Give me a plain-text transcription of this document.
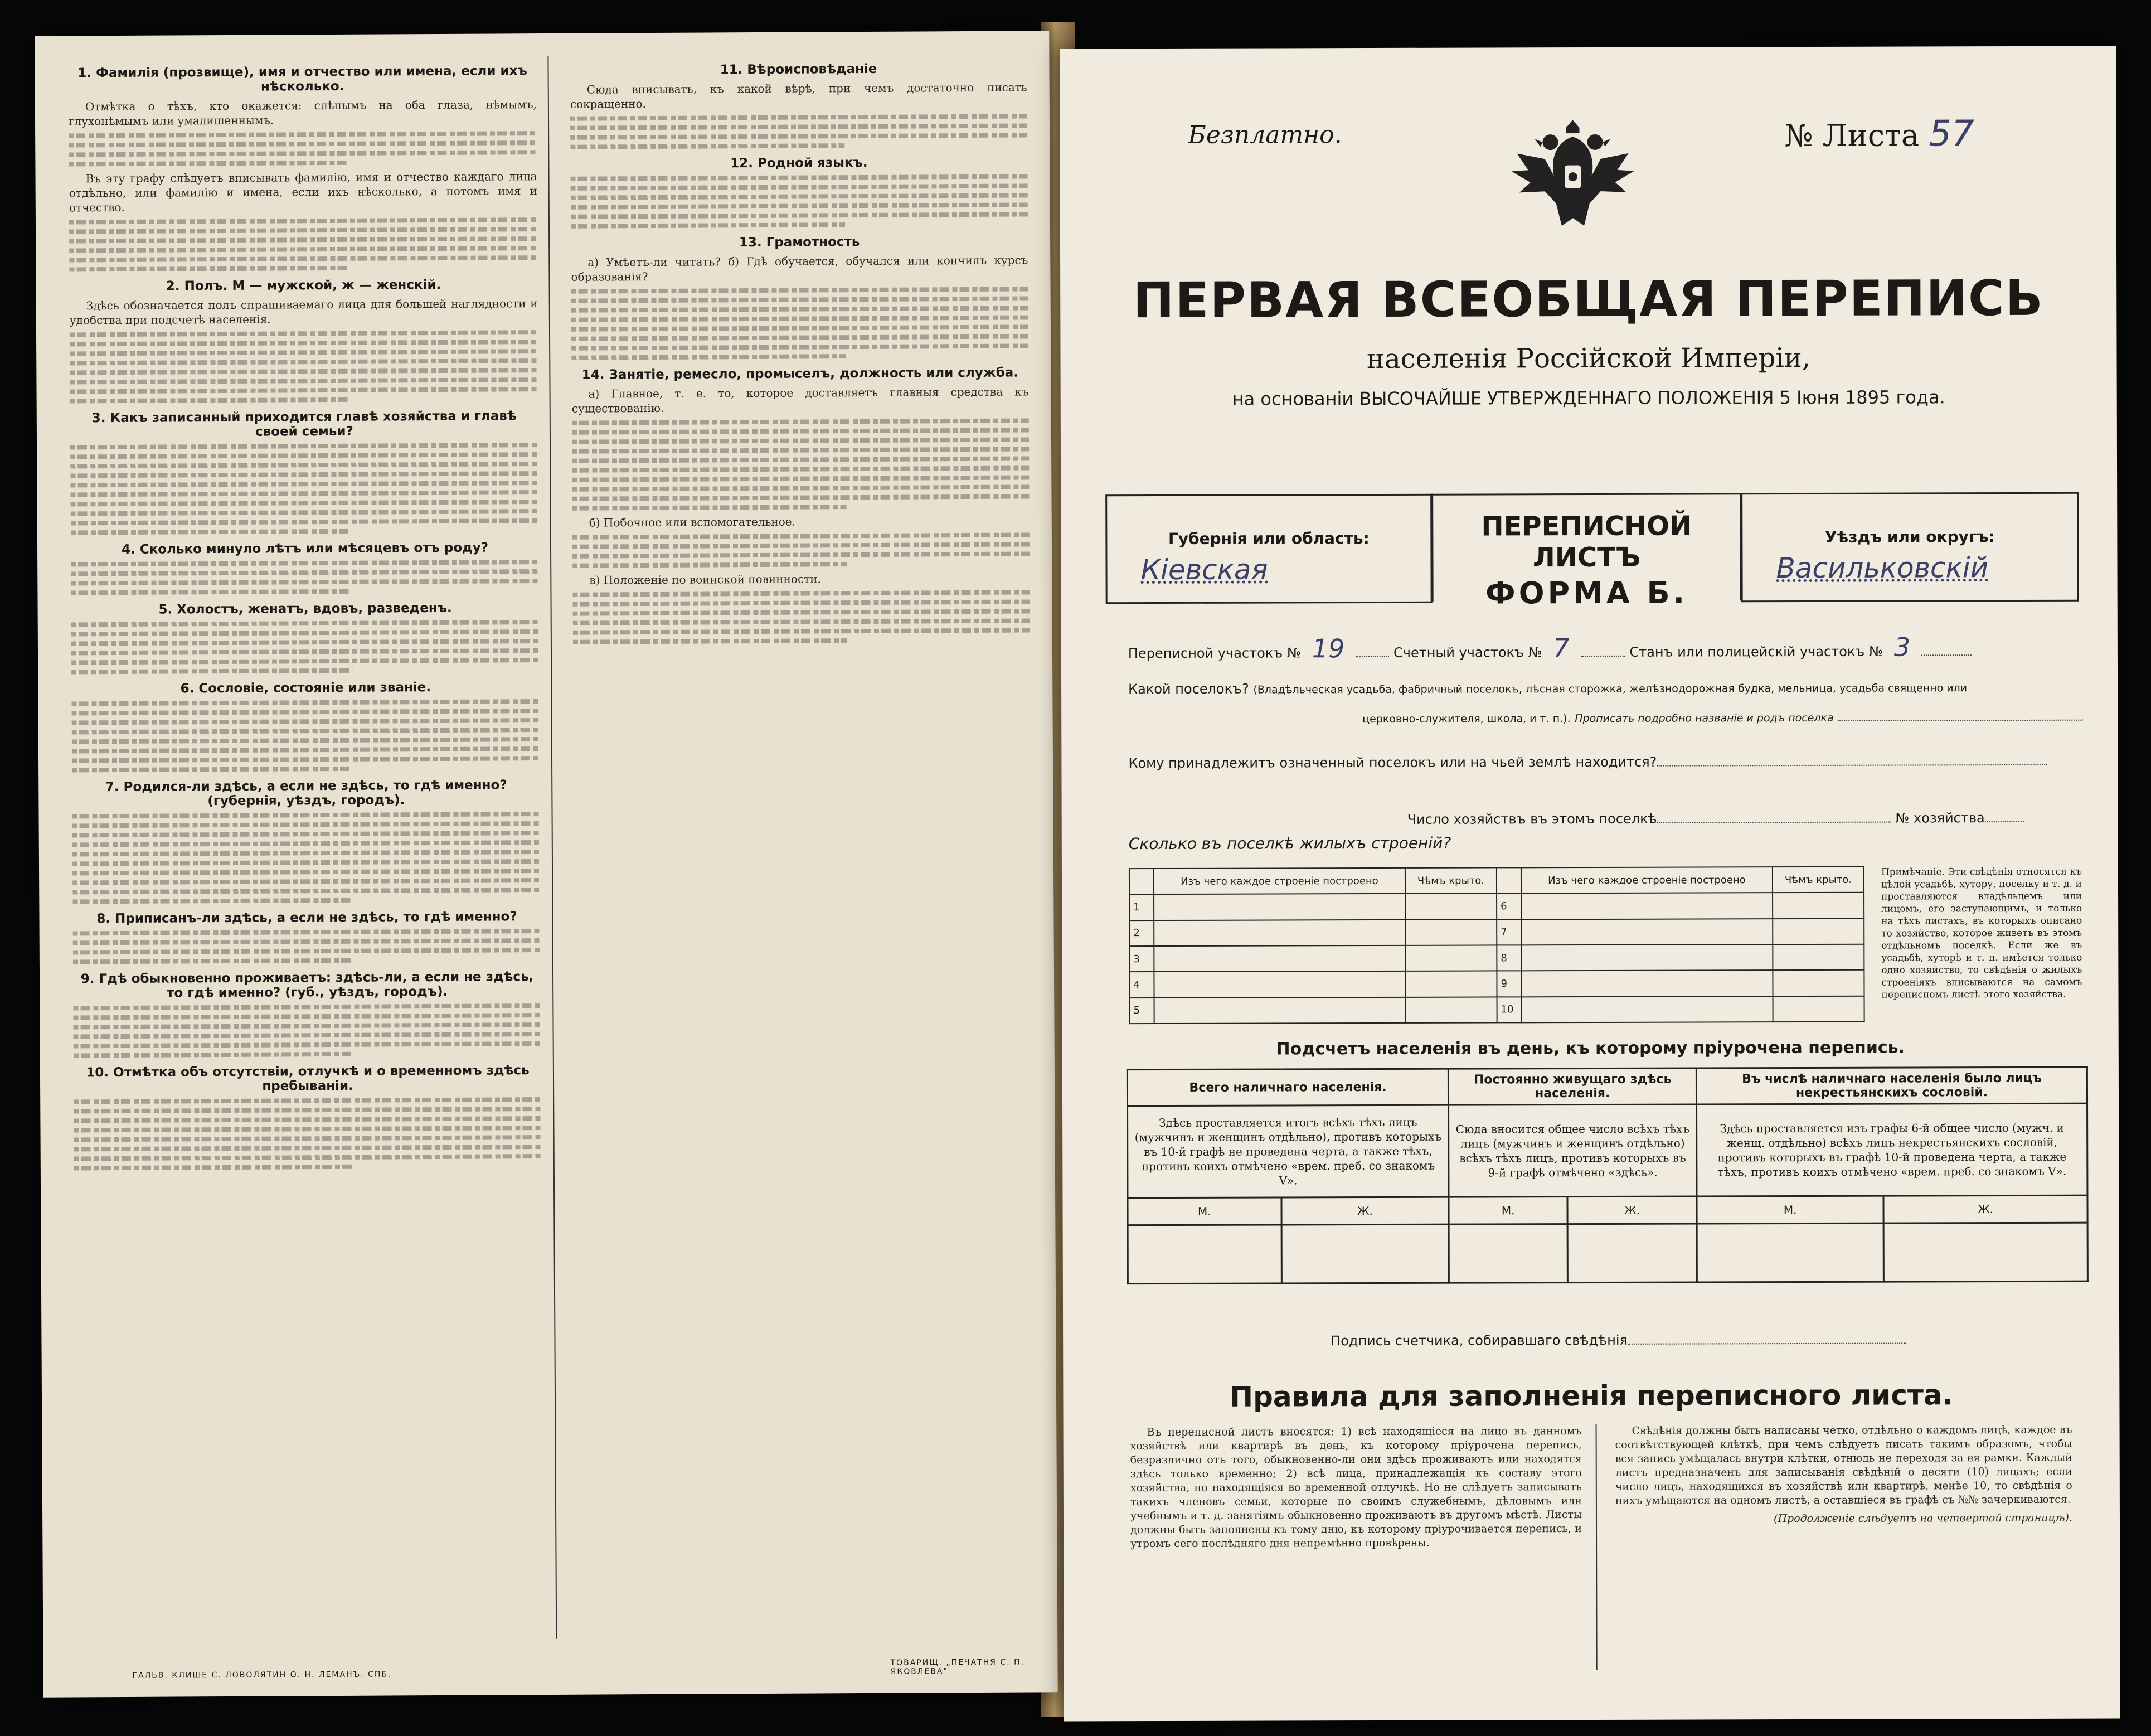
1. Фамилія (прозвище), имя и отчество или имена, если ихъ нѣсколько.
Отмѣтка о тѣхъ, кто окажется: слѣпымъ на оба глаза, нѣмымъ, глухонѣмымъ или умалишеннымъ.
Въ эту графу слѣдуетъ вписывать фамилію, имя и отчество каждаго лица отдѣльно, или фамилію и имена, если ихъ нѣсколько, а потомъ имя и отчество.
2. Полъ. М — мужской, ж — женскій.
Здѣсь обозначается полъ спрашиваемаго лица для большей наглядности и удобства при подсчетѣ населенія.
3. Какъ записанный приходится главѣ хозяйства и главѣ своей семьи?
4. Сколько минуло лѣтъ или мѣсяцевъ отъ роду?
5. Холостъ, женатъ, вдовъ, разведенъ.
6. Сословіе, состояніе или званіе.
7. Родился-ли здѣсь, а если не здѣсь, то гдѣ именно? (губернія, уѣздъ, городъ).
8. Приписанъ-ли здѣсь, а если не здѣсь, то гдѣ именно?
9. Гдѣ обыкновенно проживаетъ: здѣсь-ли, а если не здѣсь, то гдѣ именно? (губ., уѣздъ, городъ).
10. Отмѣтка объ отсутствіи, отлучкѣ и о временномъ здѣсь пребываніи.
11. Вѣроисповѣданіе
Сюда вписывать, къ какой вѣрѣ, при чемъ достаточно писать сокращенно.
12. Родной языкъ.
13. Грамотность
а) Умѣетъ-ли читать? б) Гдѣ обучается, обучался или кончилъ курсъ образованія?
14. Занятіе, ремесло, промыселъ, должность или служба.
а) Главное, т. е. то, которое доставляетъ главныя средства къ существованію.
б) Побочное или вспомогательное.
в) Положеніе по воинской повинности.
ГАЛЬВ. КЛИШЕ С. ЛОВОЛЯТИН О. Н. ЛЕМАНЪ. СПБ.
ТОВАРИЩ. „ПЕЧАТНЯ С. П. ЯКОВЛЕВА"
Безплатно.	№ Листа 57
ПЕРВАЯ ВСЕОБЩАЯ ПЕРЕПИСЬ
населенія Россійской Имперіи,
на основаніи ВЫСОЧАЙШЕ УТВЕРЖДЕННАГО ПОЛОЖЕНІЯ 5 Іюня 1895 года.
Губернія или область:
Кіевская
ПЕРЕПИСНОЙ ЛИСТЪ
ФОРМА Б.
Уѣздъ или округъ:
Васильковскій
Переписной участокъ № 19	Счетный участокъ № 7	Станъ или полицейскій участокъ № 3
Какой поселокъ? (Владѣльческая усадьба, фабричный поселокъ, лѣсная сторожка, желѣзнодорожная будка, мельница, усадьба священно или
церковно-служителя, школа, и т. п.). Прописать подробно названіе и родъ поселка
Кому принадлежитъ означенный поселокъ или на чьей землѣ находится?
Число хозяйствъ въ этомъ поселкѣ	№ хозяйства
Сколько въ поселкѣ жилыхъ строеній?
	Изъ чего каждое строеніе построено	Чѣмъ крыто.		Изъ чего каждое строеніе построено	Чѣмъ крыто.
1			6		
2			7		
3			8		
4			9		
5			10		
Примѣчаніе. Эти свѣдѣнія относятся къ цѣлой усадьбѣ, хутору, поселку и т. д. и проставляются владѣльцемъ или лицомъ, его заступающимъ, и только на тѣхъ листахъ, въ которыхъ описано то хозяйство, которое живетъ въ этомъ отдѣльномъ поселкѣ. Если же въ усадьбѣ, хуторѣ и т. п. имѣется только одно хозяйство, то свѣдѣнія о жилыхъ строеніяхъ вписываются на самомъ переписномъ листѣ этого хозяйства.
Подсчетъ населенія въ день, къ которому пріурочена перепись.
Всего наличнаго населенія.		Постоянно живущаго здѣсь населенія.		Въ числѣ наличнаго населенія было лицъ некрестьянскихъ сословій.	
Здѣсь проставляется итогъ всѣхъ тѣхъ лицъ (мужчинъ и женщинъ отдѣльно), противъ которыхъ въ 10-й графѣ не проведена черта, а также тѣхъ, противъ коихъ отмѣчено «врем. преб. со знакомъ V».		Сюда вносится общее число всѣхъ тѣхъ лицъ (мужчинъ и женщинъ отдѣльно) всѣхъ тѣхъ лицъ, противъ которыхъ въ 9-й графѣ отмѣчено «здѣсь».		Здѣсь проставляется изъ графы 6-й общее число (мужч. и женщ. отдѣльно) всѣхъ лицъ некрестьянскихъ сословій, противъ которыхъ въ графѣ 10-й проведена черта, а также тѣхъ, противъ коихъ отмѣчено «врем. преб. со знакомъ V».	
М.	Ж.	М.	Ж.	М.	Ж.

Подпись счетчика, собиравшаго свѣдѣнія
Правила для заполненія переписного листа.
Въ переписной листъ вносятся: 1) всѣ находящіеся на лицо въ данномъ хозяйствѣ или квартирѣ въ день, къ которому пріурочена перепись, безразлично отъ того, обыкновенно-ли они здѣсь проживаютъ или находятся здѣсь только временно; 2) всѣ лица, принадлежащія къ составу этого хозяйства, но находящіяся во временной отлучкѣ. Но не слѣдуетъ записывать такихъ членовъ семьи, которые по своимъ служебнымъ, дѣловымъ или учебнымъ и т. д. занятіямъ обыкновенно проживаютъ въ другомъ мѣстѣ. Листы должны быть заполнены къ тому дню, къ которому пріурочивается перепись, и утромъ сего послѣдняго дня непремѣнно провѣрены.
Свѣдѣнія должны быть написаны четко, отдѣльно о каждомъ лицѣ, каждое въ соотвѣтствующей клѣткѣ, при чемъ слѣдуетъ писать такимъ образомъ, чтобы вся запись умѣщалась внутри клѣтки, отнюдь не переходя за ея рамки. Каждый листъ предназначенъ для записыванія свѣдѣній о десяти (10) лицахъ; если число лицъ, находящихся въ хозяйствѣ или квартирѣ, менѣе 10, то свѣдѣнія о нихъ умѣщаются на одномъ листѣ, а оставшіеся въ графѣ съ №№ зачеркиваются.
(Продолженіе слѣдуетъ на четвертой страницѣ).
